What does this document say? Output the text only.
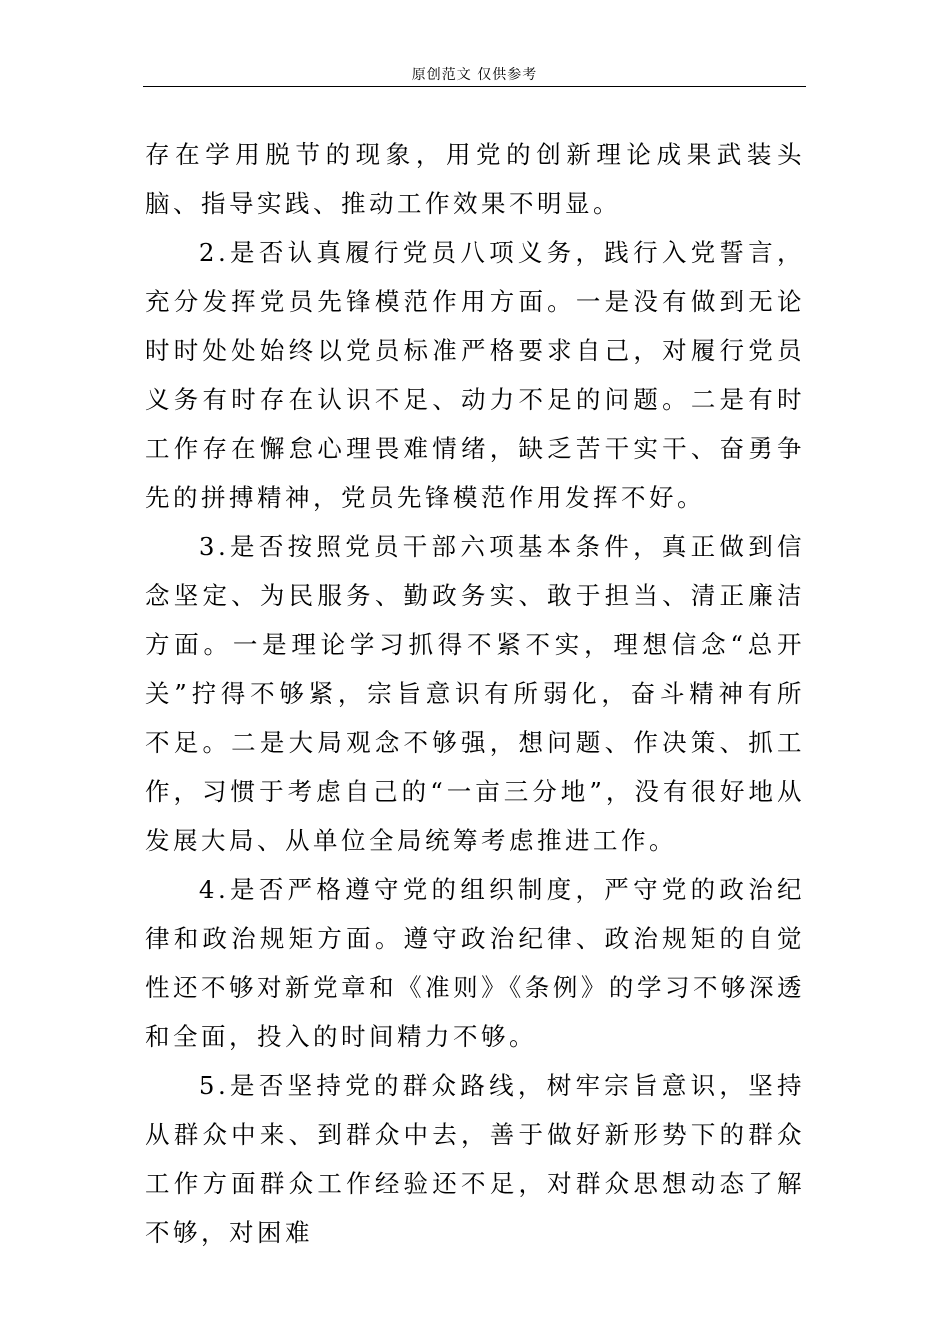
原创范文 仅供参考

存在学用脱节的现象，用党的创新理论成果武装头脑、指导实践、推动工作效果不明显。

2.是否认真履行党员八项义务，践行入党誓言，充分发挥党员先锋模范作用方面。一是没有做到无论时时处处始终以党员标准严格要求自己，对履行党员义务有时存在认识不足、动力不足的问题。二是有时工作存在懈怠心理畏难情绪，缺乏苦干实干、奋勇争先的拼搏精神，党员先锋模范作用发挥不好。

3.是否按照党员干部六项基本条件，真正做到信念坚定、为民服务、勤政务实、敢于担当、清正廉洁方面。一是理论学习抓得不紧不实，理想信念“总开关”拧得不够紧，宗旨意识有所弱化，奋斗精神有所不足。二是大局观念不够强，想问题、作决策、抓工作，习惯于考虑自己的“一亩三分地”，没有很好地从发展大局、从单位全局统筹考虑推进工作。

4.是否严格遵守党的组织制度，严守党的政治纪律和政治规矩方面。遵守政治纪律、政治规矩的自觉性还不够对新党章和《准则》《条例》的学习不够深透和全面，投入的时间精力不够。

5.是否坚持党的群众路线，树牢宗旨意识，坚持从群众中来、到群众中去，善于做好新形势下的群众工作方面群众工作经验还不足，对群众思想动态了解不够，对困难
